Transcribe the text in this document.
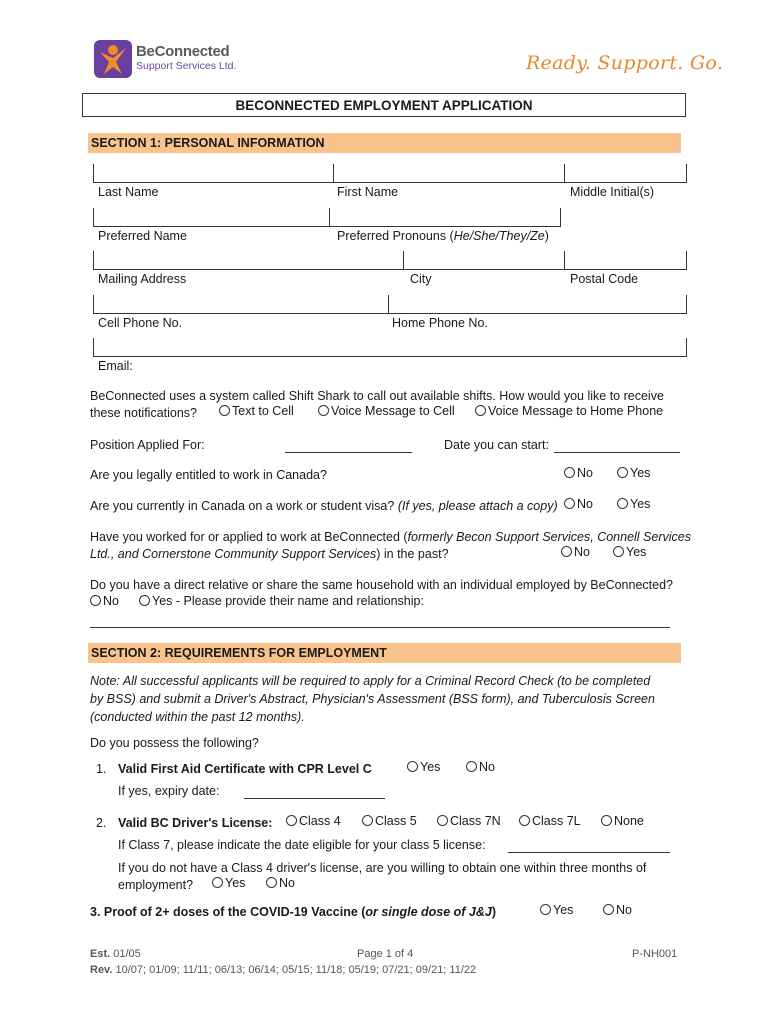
BeConnected
Support Services Ltd.	Ready. Support. Go.
BECONNECTED EMPLOYMENT APPLICATION
SECTION 1: PERSONAL INFORMATION
Last Name	First Name	Middle Initial(s)
Preferred Name	Preferred Pronouns (He/She/They/Ze)
Mailing Address	City	Postal Code
Cell Phone No.	Home Phone No.
Email:
BeConnected uses a system called Shift Shark to call out available shifts. How would you like to receive
these notifications?	Text to Cell	Voice Message to Cell	Voice Message to Home Phone
Position Applied For:	Date you can start:
Are you legally entitled to work in Canada?	No	Yes
Are you currently in Canada on a work or student visa? (If yes, please attach a copy)	No	Yes
Have you worked for or applied to work at BeConnected (formerly Becon Support Services, Connell Services
Ltd., and Cornerstone Community Support Services) in the past?	No	Yes
Do you have a direct relative or share the same household with an individual employed by BeConnected?
No	Yes - Please provide their name and relationship:
SECTION 2: REQUIREMENTS FOR EMPLOYMENT
Note: All successful applicants will be required to apply for a Criminal Record Check (to be completed
by BSS) and submit a Driver's Abstract, Physician's Assessment (BSS form), and Tuberculosis Screen
(conducted within the past 12 months).
Do you possess the following?
1. Valid First Aid Certificate with CPR Level C	Yes	No
If yes, expiry date:
2. Valid BC Driver's License:	Class 4	Class 5	Class 7N	Class 7L	None
If Class 7, please indicate the date eligible for your class 5 license:
If you do not have a Class 4 driver's license, are you willing to obtain one within three months of
employment?	Yes	No
3. Proof of 2+ doses of the COVID-19 Vaccine (or single dose of J&J)	Yes	No
Est. 01/05
Rev. 10/07; 01/09; 11/11; 06/13; 06/14; 05/15; 11/18; 05/19; 07/21; 09/21; 11/22
Page 1 of 4	P-NH001
